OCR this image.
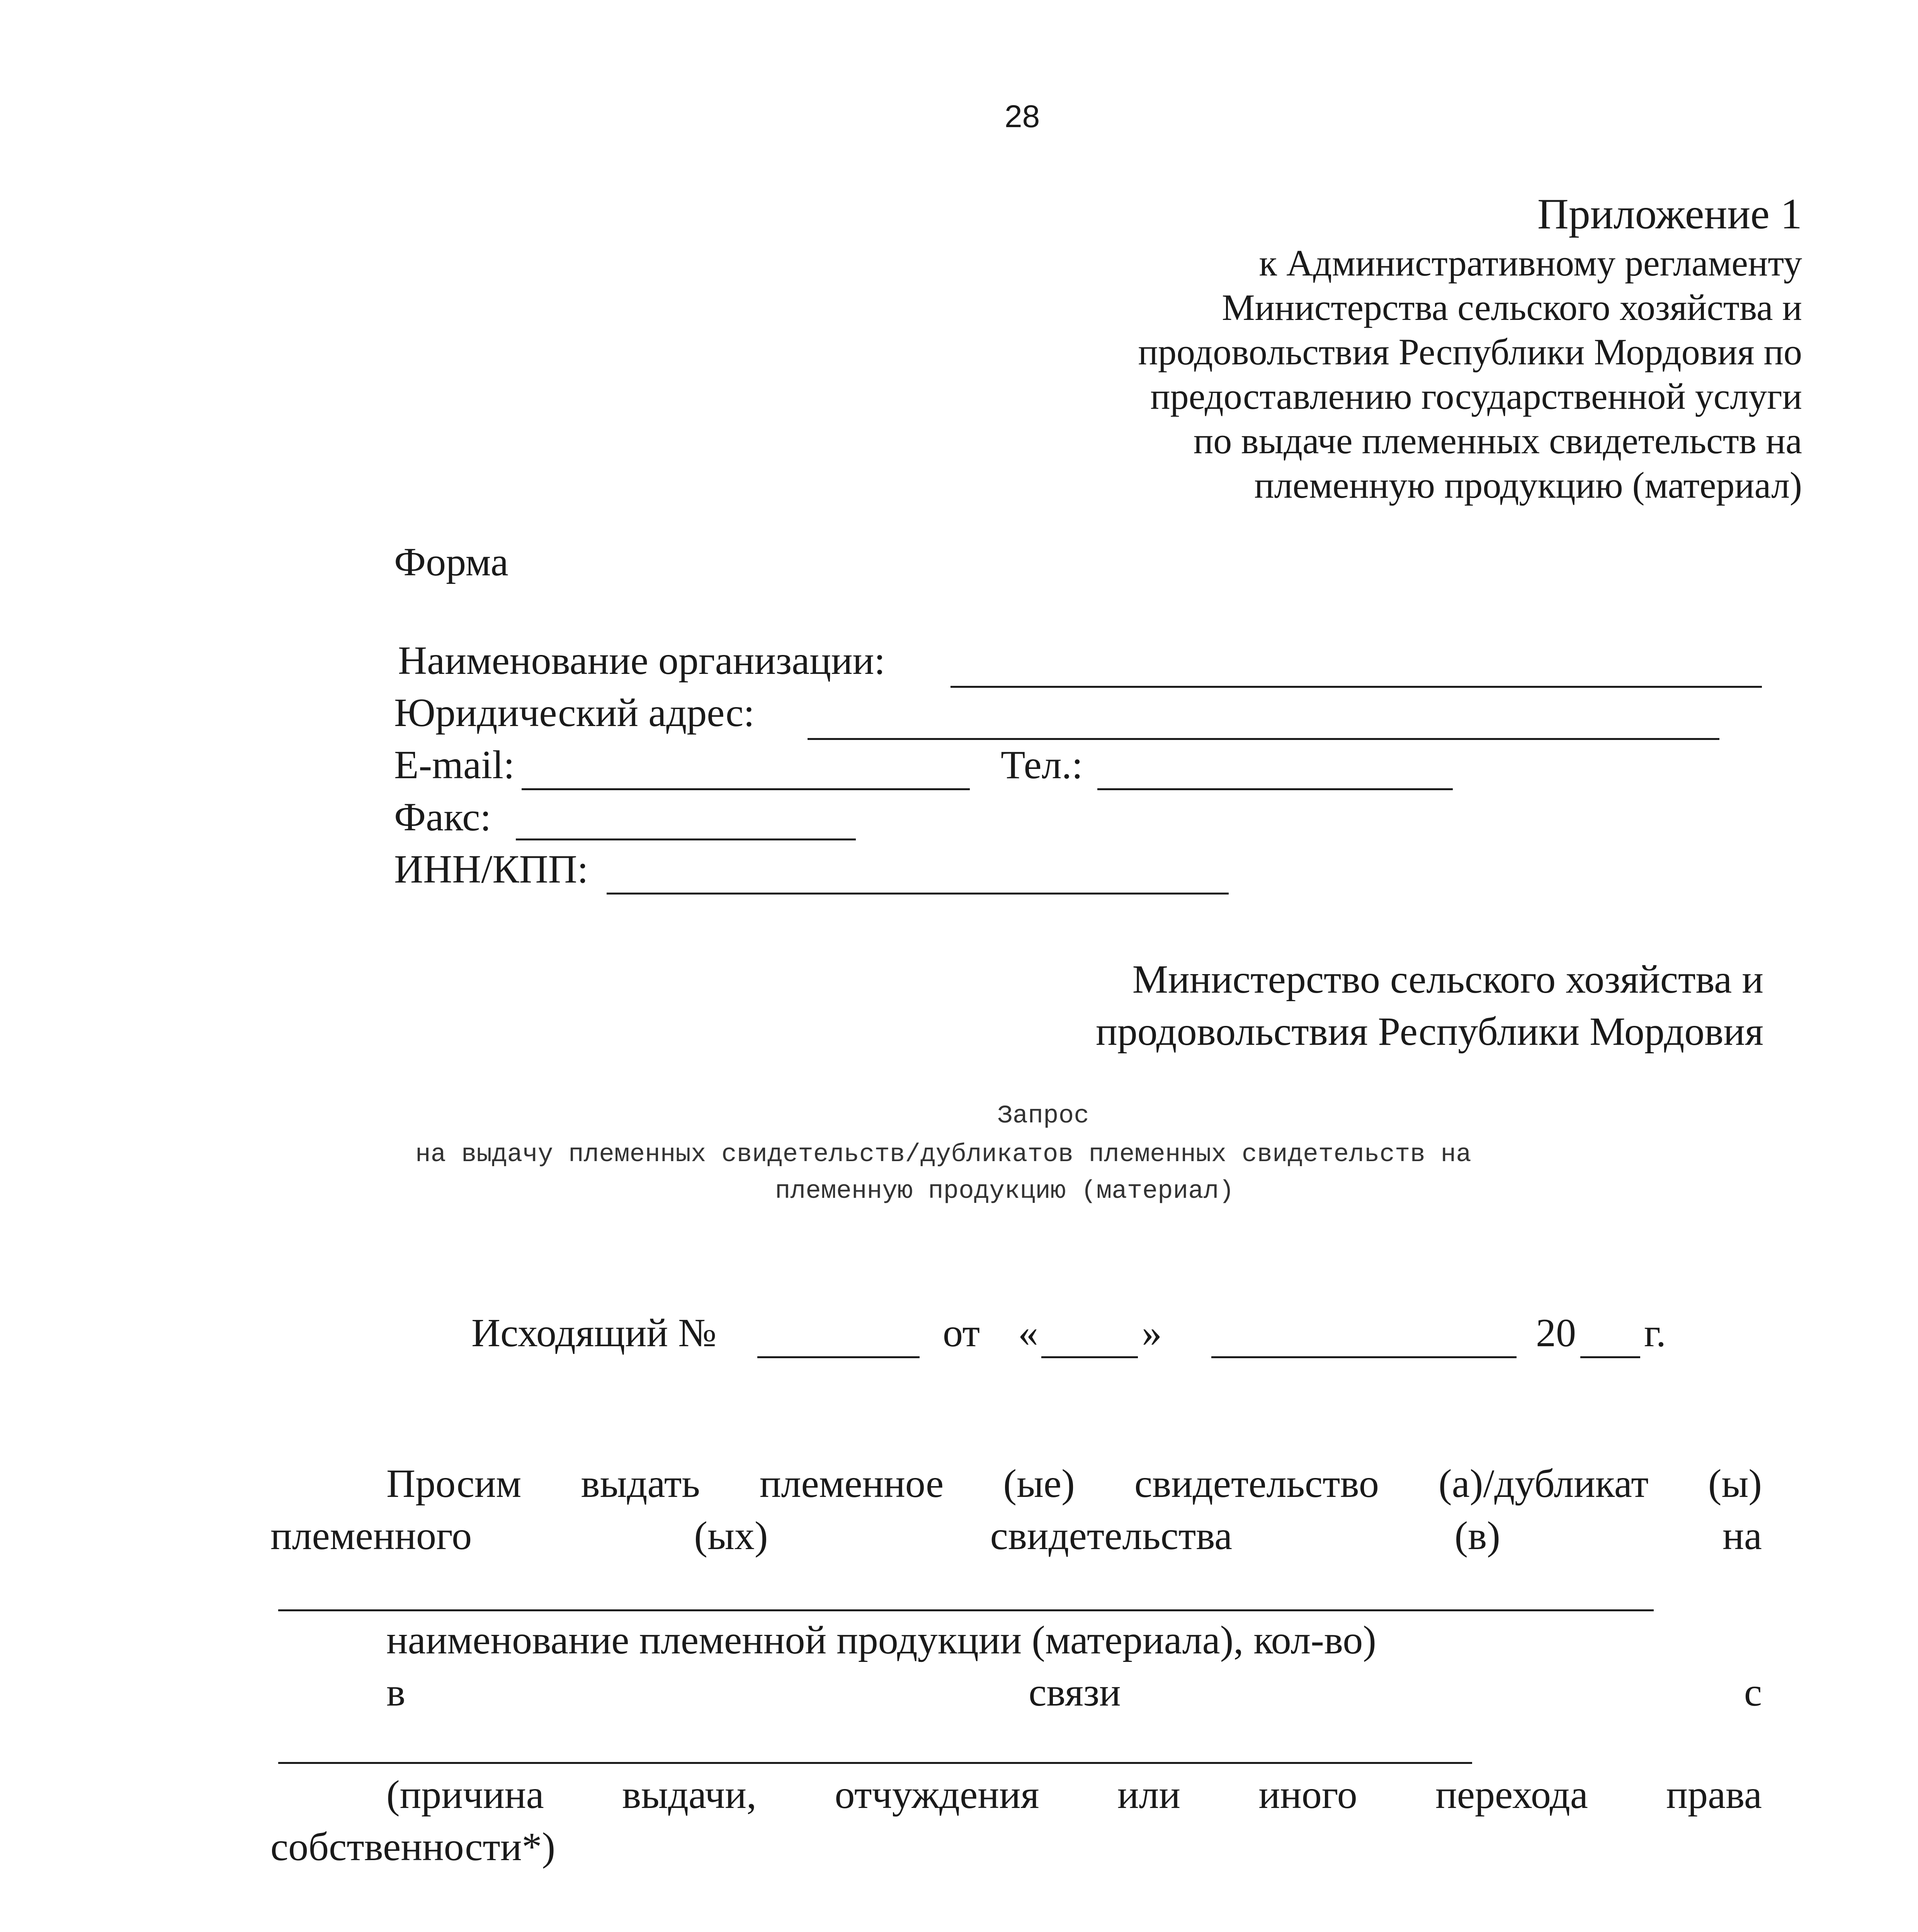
28
Приложение 1
к Административному регламенту
Министерства сельского хозяйства и
продовольствия Республики Мордовия по
предоставлению государственной услуги
по выдаче племенных свидетельств на
племенную продукцию (материал)
Форма
Наименование организации:
Юридический адрес:
E-mail:	Тел.:
Факс:
ИНН/КПП:
Министерство сельского хозяйства и
продовольствия Республики Мордовия
Запрос
на выдачу племенных свидетельств/дубликатов племенных свидетельств на
племенную продукцию (материал)
Исходящий №	от «	»	20 г.
Просим выдать племенное (ые) свидетельство (а)/дубликат (ы)
племенного	(ых)	свидетельства	(в)	на
наименование племенной продукции (материала), кол-во)
в	связи	с
(причина выдачи, отчуждения или иного перехода права
собственности*)
